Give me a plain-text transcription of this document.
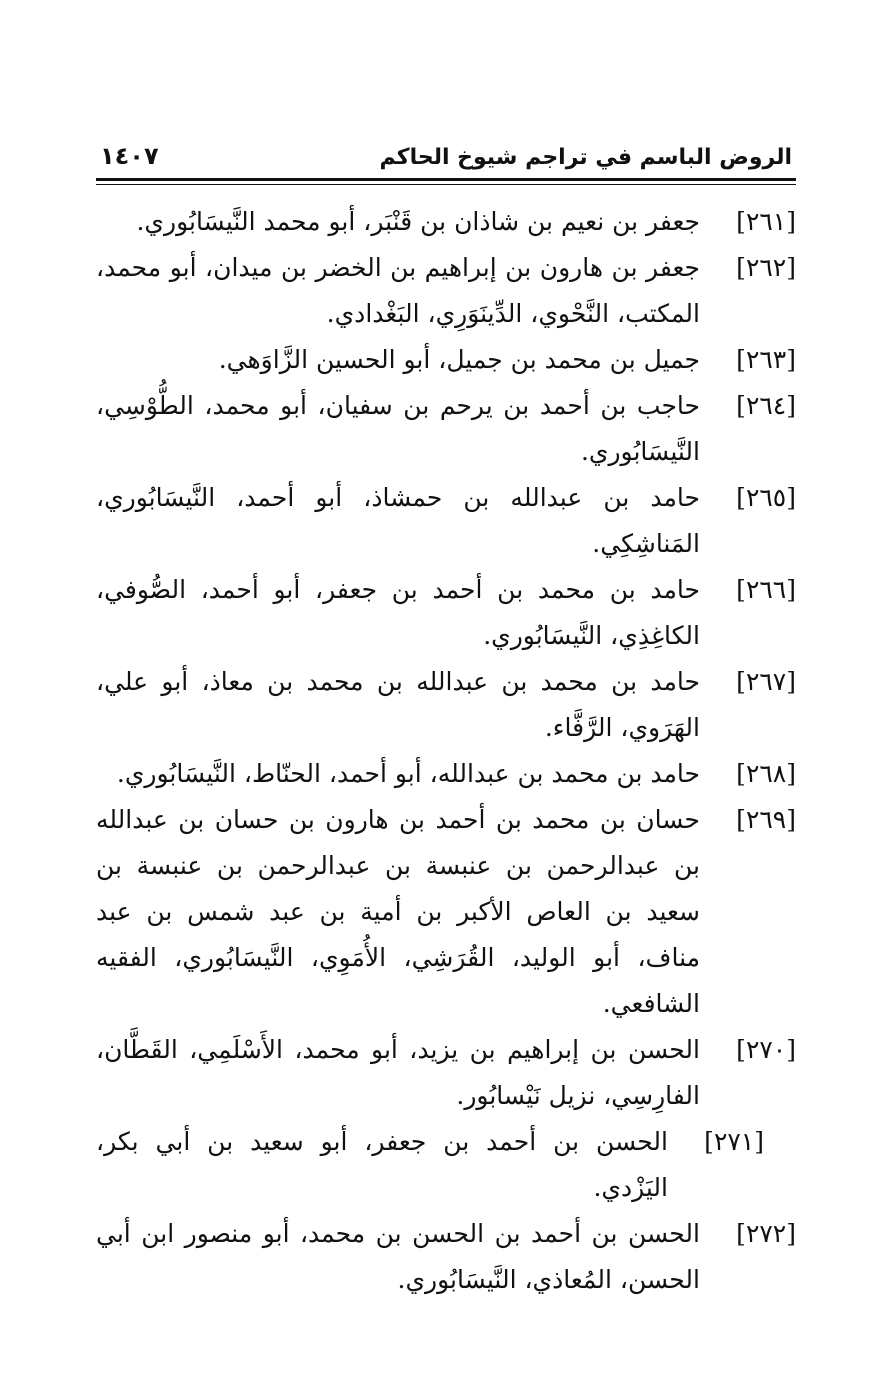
الروض الباسم في تراجم شيوخ الحاكم
١٤٠٧

[٢٦١]جعفر بن نعيم بن شاذان بن قَنْبَر، أبو محمد النَّيسَابُوري.

[٢٦٢]جعفر بن هارون بن إبراهيم بن الخضر بن ميدان، أبو محمد، المكتب، النَّحْوي، الدِّينَوَرِي، البَغْدادي.

[٢٦٣]جميل بن محمد بن جميل، أبو الحسين الزَّاوَهي.

[٢٦٤]حاجب بن أحمد بن يرحم بن سفيان، أبو محمد، الطُّوْسِي، النَّيسَابُوري.

[٢٦٥]حامد بن عبدالله بن حمشاذ، أبو أحمد، النَّيسَابُوري، المَناشِكِي.

[٢٦٦]حامد بن محمد بن أحمد بن جعفر، أبو أحمد، الصُّوفي، الكاغِذِي، النَّيسَابُوري.

[٢٦٧]حامد بن محمد بن عبدالله بن محمد بن معاذ، أبو علي، الهَرَوي، الرَّفَّاء.

[٢٦٨]حامد بن محمد بن عبدالله، أبو أحمد، الحنّاط، النَّيسَابُوري.

[٢٦٩]حسان بن محمد بن أحمد بن هارون بن حسان بن عبدالله بن عبدالرحمن بن عنبسة بن عبدالرحمن بن عنبسة بن سعيد بن العاص الأكبر بن أمية بن عبد شمس بن عبد مناف، أبو الوليد، القُرَشِي، الأُمَوِي، النَّيسَابُوري، الفقيه الشافعي.

[٢٧٠]الحسن بن إبراهيم بن يزيد، أبو محمد، الأَسْلَمِي، القَطَّان، الفارِسِي، نزيل نَيْسابُور.

[٢٧١]الحسن بن أحمد بن جعفر، أبو سعيد بن أبي بكر، اليَزْدي.

[٢٧٢]الحسن بن أحمد بن الحسن بن محمد، أبو منصور ابن أبي الحسن، المُعاذي، النَّيسَابُوري.
